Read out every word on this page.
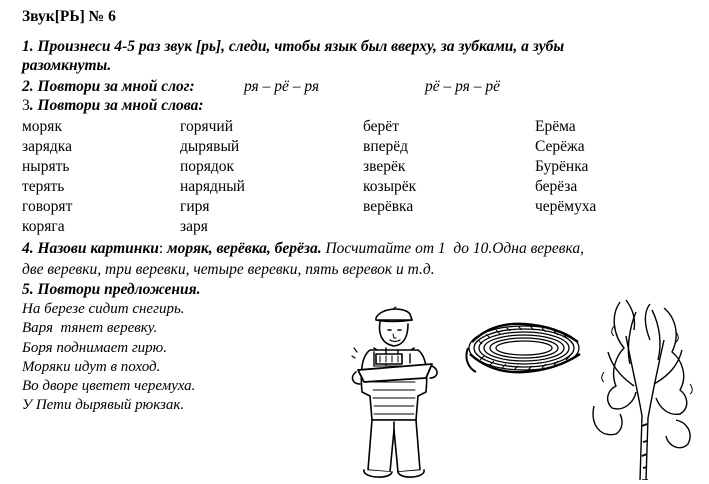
Звук[РЬ] № 6
1. Произнеси 4-5 раз звук [рь], следи, чтобы язык был вверху, за зубками, а зубы
разомкнуты.
2. Повтори за мной слог:	ря – рё – ря	рё – ря – рё
3. Повтори за мной слова:
моряк
зарядка
нырять
терять
говорят
коряга
горячий
дырявый
порядок
нарядный
гиря
заря
берёт
вперёд
зверёк
козырёк
верёвка
Ерёма
Серёжа
Бурёнка
берёза
черёмуха
4. Назови картинки: моряк, верёвка, берёза. Посчитайте от 1  до 10.Одна веревка,
две веревки, три веревки, четыре веревки, пять веревок и т.д.
5. Повтори предложения.
На березе сидит снегирь.
Варя  тянет веревку.
Боря поднимает гирю.
Моряки идут в поход.
Во дворе цветет черемуха.
У Пети дырявый рюкзак.
